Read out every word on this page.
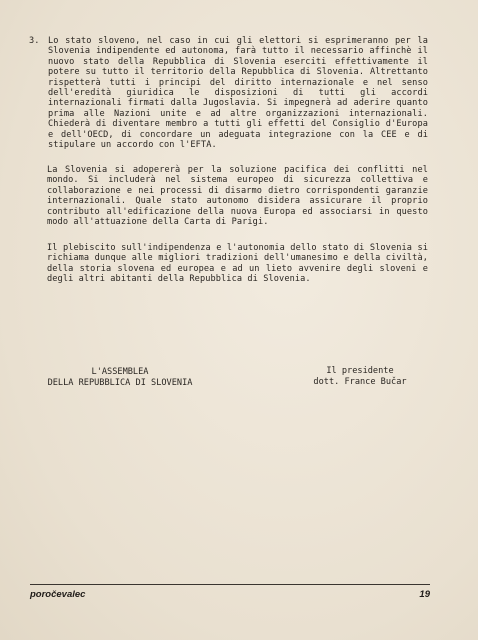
3. Lo stato sloveno, nel caso in cui gli elettori si esprimeranno per la Slovenia indipendente ed autonoma, farà tutto il necessario affinchè il nuovo stato della Repubblica di Slovenia eserciti effettivamente il potere su tutto il territorio della Repubblica di Slovenia. Altrettanto rispetterà tutti i principi del diritto internazionale e nel senso dell'eredità giuridica le disposizioni di tutti gli accordi internazionali firmati dalla Jugoslavia. Si impegnerà ad aderire quanto prima alle Nazioni unite e ad altre organizzazioni internazionali. Chiederà di diventare membro a tutti gli effetti del Consiglio d'Europa e dell'OECD, di concordare un adeguata integrazione con la CEE e di stipulare un accordo con l'EFTA.
La Slovenia si adopererà per la soluzione pacifica dei conflitti nel mondo. Si includerà nel sistema europeo di sicurezza collettiva e collaborazione e nei processi di disarmo dietro corrispondenti garanzie internazionali. Quale stato autonomo disidera assicurare il proprio contributo all'edificazione della nuova Europa ed associarsi in questo modo all'attuazione della Carta di Parigi.
Il plebiscito sull'indipendenza e l'autonomia dello stato di Slovenia si richiama dunque alle migliori tradizioni dell'umanesimo e della civiltà, della storia slovena ed europea e ad un lieto avvenire degli sloveni e degli altri abitanti della Repubblica di Slovenia.
L'ASSEMBLEA
DELLA REPUBBLICA DI SLOVENIA
Il presidente
dott. France Bučar
poročevalec	19
